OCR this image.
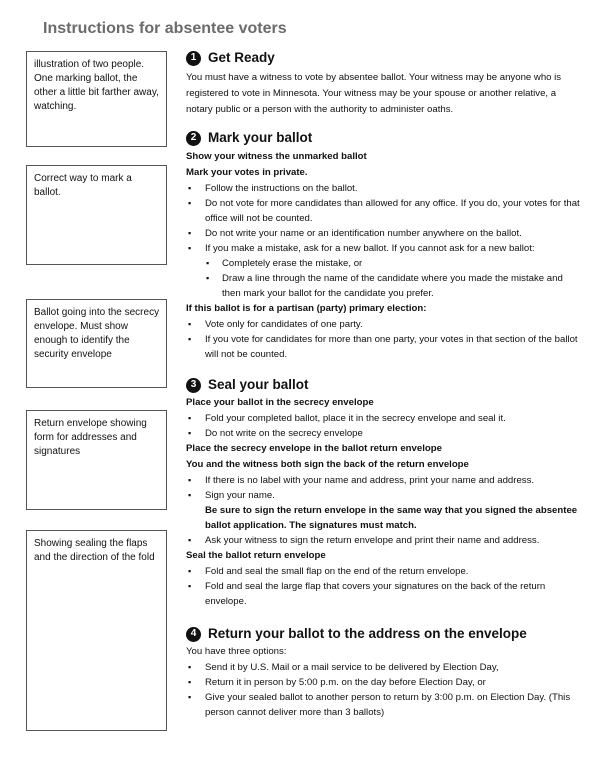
Instructions for absentee voters
illustration of two people. One marking ballot, the other a little bit farther away, watching.
Correct way to mark a ballot.
Ballot going into the secrecy envelope. Must show enough to identify the security envelope
Return envelope showing form for addresses and signatures
Showing sealing the flaps and the direction of the fold
1 Get Ready
You must have a witness to vote by absentee ballot. Your witness may be anyone who is registered to vote in Minnesota. Your witness may be your spouse or another relative, a notary public or a person with the authority to administer oaths.
2 Mark your ballot
Show your witness the unmarked ballot
Mark your votes in private.
▪ Follow the instructions on the ballot.
▪ Do not vote for more candidates than allowed for any office. If you do, your votes for that office will not be counted.
▪ Do not write your name or an identification number anywhere on the ballot.
▪ If you make a mistake, ask for a new ballot. If you cannot ask for a new ballot:
▪ Completely erase the mistake, or
▪ Draw a line through the name of the candidate where you made the mistake and then mark your ballot for the candidate you prefer.
If this ballot is for a partisan (party) primary election:
▪ Vote only for candidates of one party.
▪ If you vote for candidates for more than one party, your votes in that section of the ballot will not be counted.
3 Seal your ballot
Place your ballot in the secrecy envelope
▪ Fold your completed ballot, place it in the secrecy envelope and seal it.
▪ Do not write on the secrecy envelope
Place the secrecy envelope in the ballot return envelope
You and the witness both sign the back of the return envelope
▪ If there is no label with your name and address, print your name and address.
▪ Sign your name.
Be sure to sign the return envelope in the same way that you signed the absentee ballot application. The signatures must match.
▪ Ask your witness to sign the return envelope and print their name and address.
Seal the ballot return envelope
▪ Fold and seal the small flap on the end of the return envelope.
▪ Fold and seal the large flap that covers your signatures on the back of the return envelope.
4 Return your ballot to the address on the envelope
You have three options:
▪ Send it by U.S. Mail or a mail service to be delivered by Election Day,
▪ Return it in person by 5:00 p.m. on the day before Election Day, or
▪ Give your sealed ballot to another person to return by 3:00 p.m. on Election Day. (This person cannot deliver more than 3 ballots)
